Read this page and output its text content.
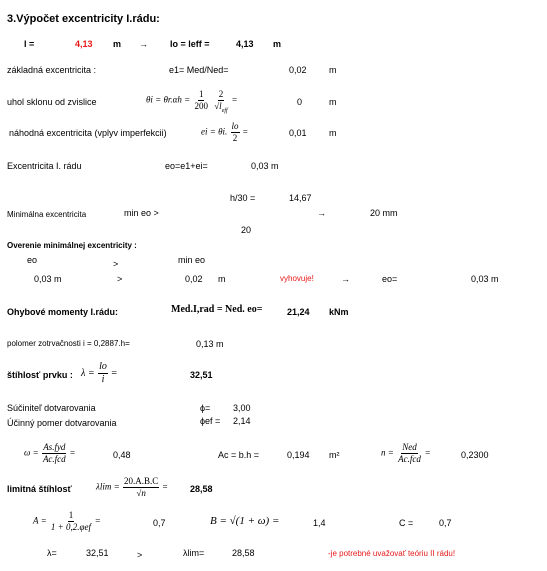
3.Výpočet excentricity I.rádu:
l =	4,13 m → lo = leff =	4,13 m
základná excentricita :	e1= Med/Ned=	0,02 m
uhol sklonu od zvislice	$\theta i = \theta r.\alpha h = \frac{1}{200}$
$\frac{2}{√l_{eff}}$ =	0	m
náhodná excentricita (vplyv imperfekcii)	ei = θi. $\frac{lo}{2}$ =	0,01 m
Excentricita I. rádu	eo=e1+ei=	0,03 m
h/30 =	14,67
Minimálna excentricita	min eo >	→	20 mm
20
Overenie minimálnej excentricity :
eo	>	min eo
0,03 m	>	0,02 m	vyhovuje!	→	eo=	0,03 m
Ohybové momenty I.rádu:	Med.I,rad = Ned. eo=	21,24 kNm
polomer zotrvačnosti i = 0,2887.h=	0,13 m
štíhlosť prvku : $\lambda = \frac{lo}{i}$ =	32,51
Súčiniteľ dotvarovania	ϕ=	3,00
Účinný pomer dotvarovania	ϕef = 2,14
$\omega = \frac{\text{As.fyd}}{\text{Ac.fcd}}$ =	0,48	Ac = b.h =	0,194 m²	$n = \frac{\text{Ned}}{\text{Ac.fcd}}$ =	0,2300
limitná štíhlosť	$\lambda\lim = \frac{20.A.B.C}{√n} = 28,58$
$A = \frac{1}{\text{1 + 0,2.φef}}$ =	0,7	B = √(1 + ω) =	1,4	C =	0,7
λ=	32,51	>	λlim=	28,58	-je potrebné uvažovať teóriu II rádu!
